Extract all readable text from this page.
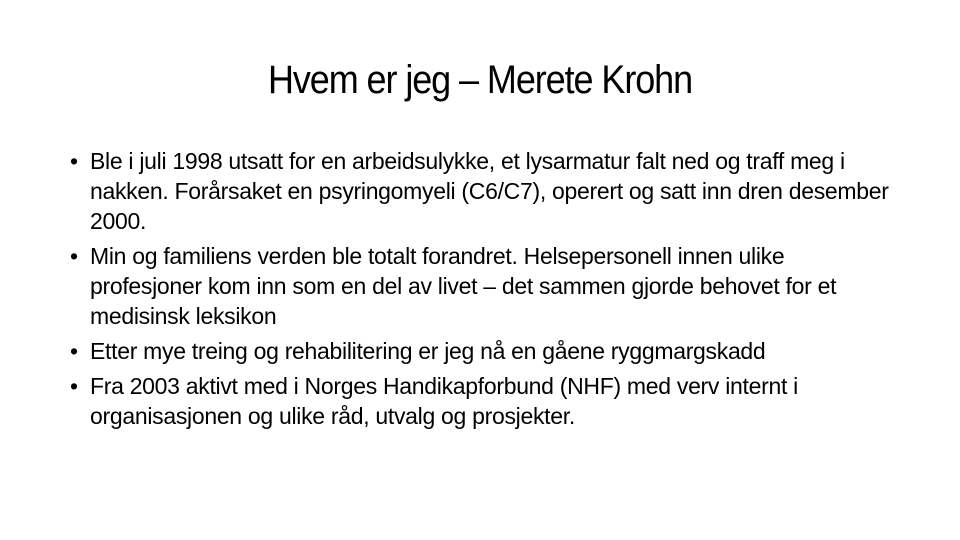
Hvem er jeg – Merete Krohn
• Ble i juli 1998 utsatt for en arbeidsulykke, et lysarmatur falt ned og traff meg i nakken. Forårsaket en psyringomyeli (C6/C7), operert og satt inn dren desember 2000.
• Min og familiens verden ble totalt forandret. Helsepersonell innen ulike profesjoner kom inn som en del av livet – det sammen gjorde behovet for et medisinsk leksikon
• Etter mye treing og rehabilitering er jeg nå en gåene ryggmargskadd
• Fra 2003 aktivt med i Norges Handikapforbund (NHF) med verv internt i organisasjonen og ulike råd, utvalg og prosjekter.
